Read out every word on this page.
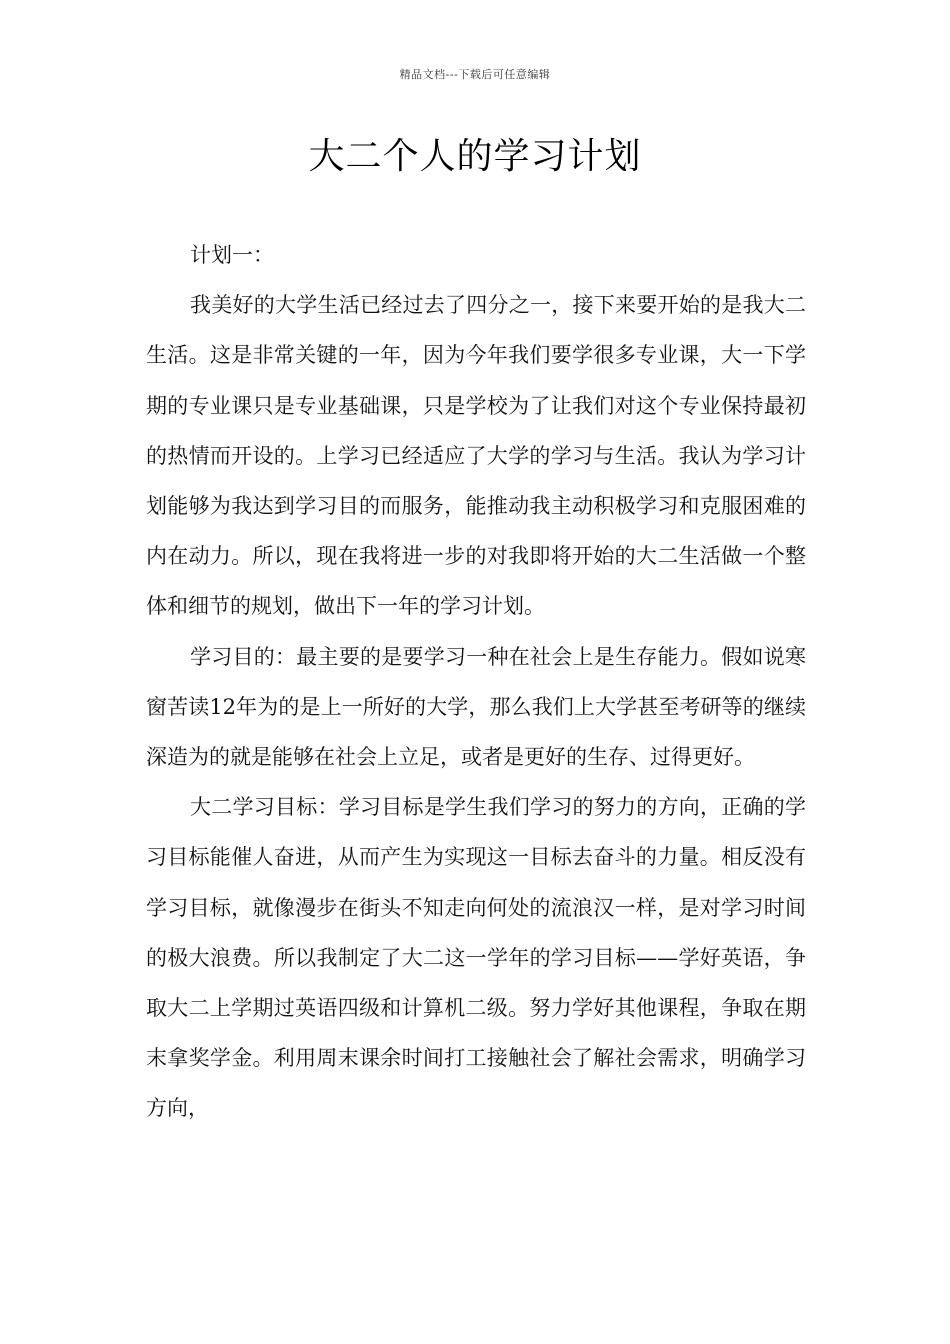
精品文档---下载后可任意编辑
大二个人的学习计划

计划一：

我美好的大学生活已经过去了四分之一，接下来要开始的是我大二生活。这是非常关键的一年，因为今年我们要学很多专业课，大一下学期的专业课只是专业基础课，只是学校为了让我们对这个专业保持最初的热情而开设的。上学习已经适应了大学的学习与生活。我认为学习计划能够为我达到学习目的而服务，能推动我主动积极学习和克服困难的内在动力。所以，现在我将进一步的对我即将开始的大二生活做一个整体和细节的规划，做出下一年的学习计划。

学习目的：最主要的是要学习一种在社会上是生存能力。假如说寒窗苦读12年为的是上一所好的大学，那么我们上大学甚至考研等的继续深造为的就是能够在社会上立足，或者是更好的生存、过得更好。

大二学习目标：学习目标是学生我们学习的努力的方向，正确的学习目标能催人奋进，从而产生为实现这一目标去奋斗的力量。相反没有学习目标，就像漫步在街头不知走向何处的流浪汉一样，是对学习时间的极大浪费。所以我制定了大二这一学年的学习目标——学好英语，争取大二上学期过英语四级和计算机二级。努力学好其他课程，争取在期末拿奖学金。利用周末课余时间打工接触社会了解社会需求，明确学习方向，
